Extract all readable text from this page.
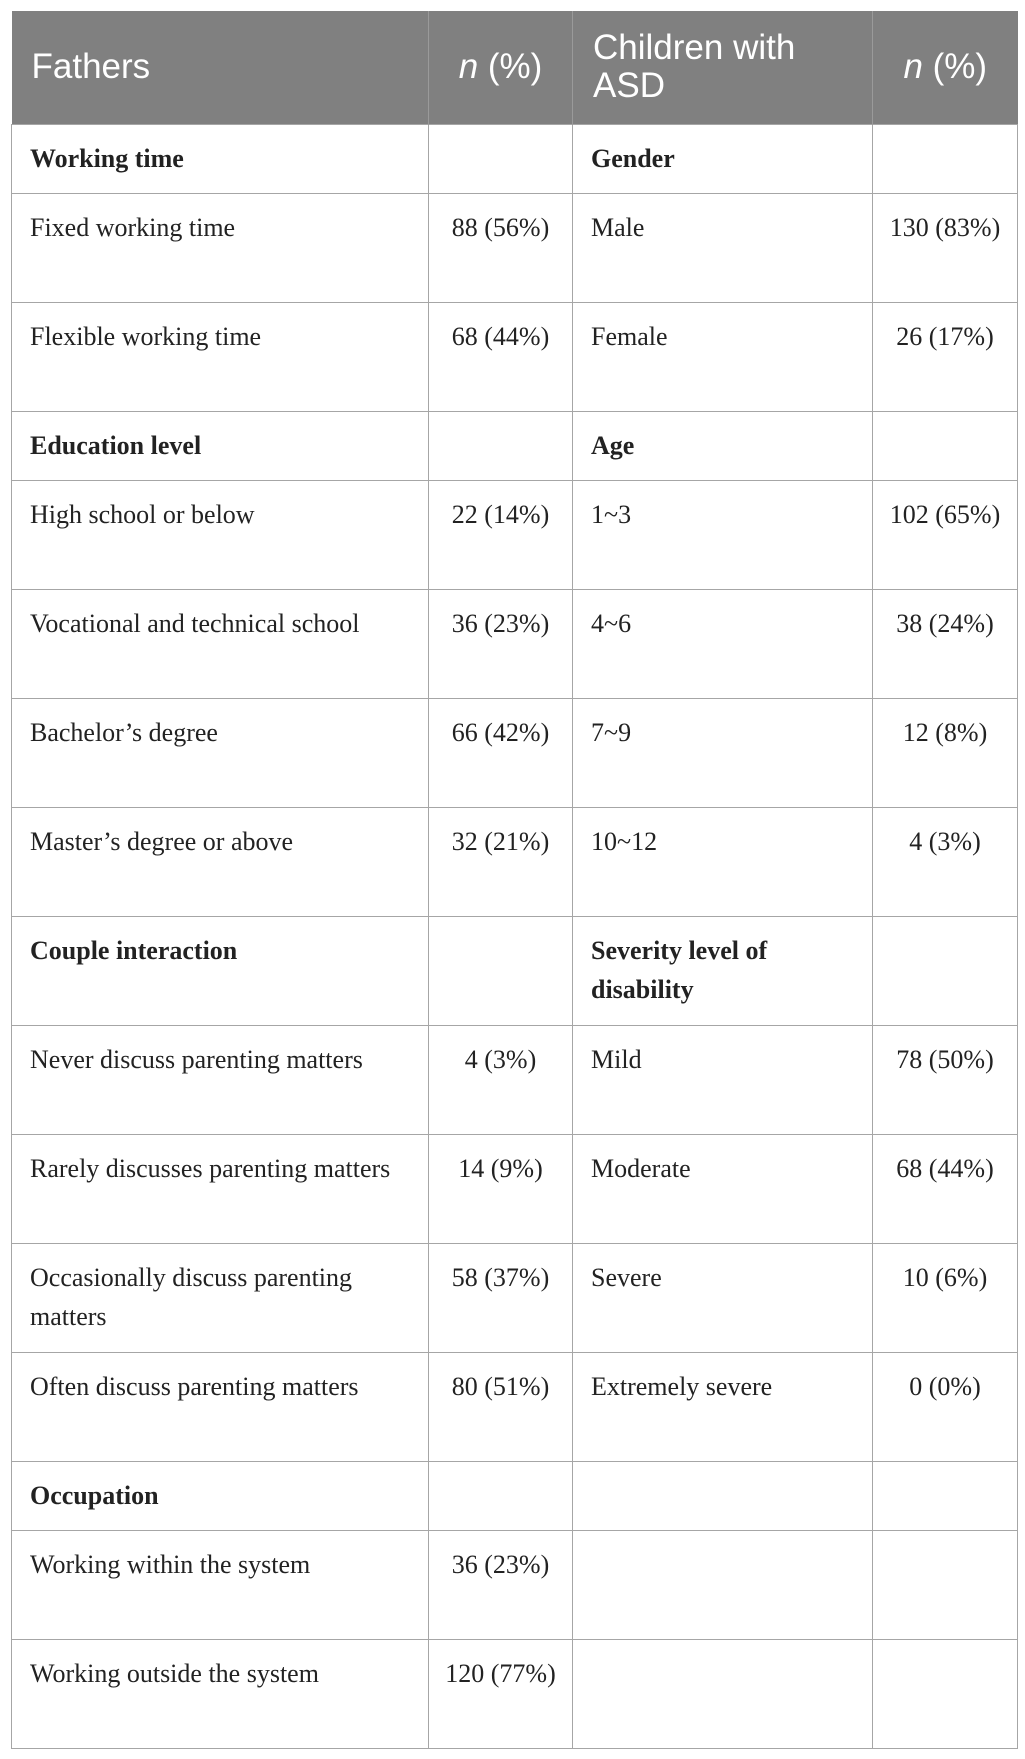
Fathers	n (%)	Children with ASD	n (%)
Working time		Gender	
Fixed working time	88 (56%)	Male	130 (83%)
Flexible working time	68 (44%)	Female	26 (17%)
Education level		Age	
High school or below	22 (14%)	1~3	102 (65%)
Vocational and technical school	36 (23%)	4~6	38 (24%)
Bachelor’s degree	66 (42%)	7~9	12 (8%)
Master’s degree or above	32 (21%)	10~12	4 (3%)
Couple interaction		Severity level of disability	
Never discuss parenting matters	4 (3%)	Mild	78 (50%)
Rarely discusses parenting matters	14 (9%)	Moderate	68 (44%)
Occasionally discuss parenting matters	58 (37%)	Severe	10 (6%)
Often discuss parenting matters	80 (51%)	Extremely severe	0 (0%)
Occupation			
Working within the system	36 (23%)		
Working outside the system	120 (77%)		
